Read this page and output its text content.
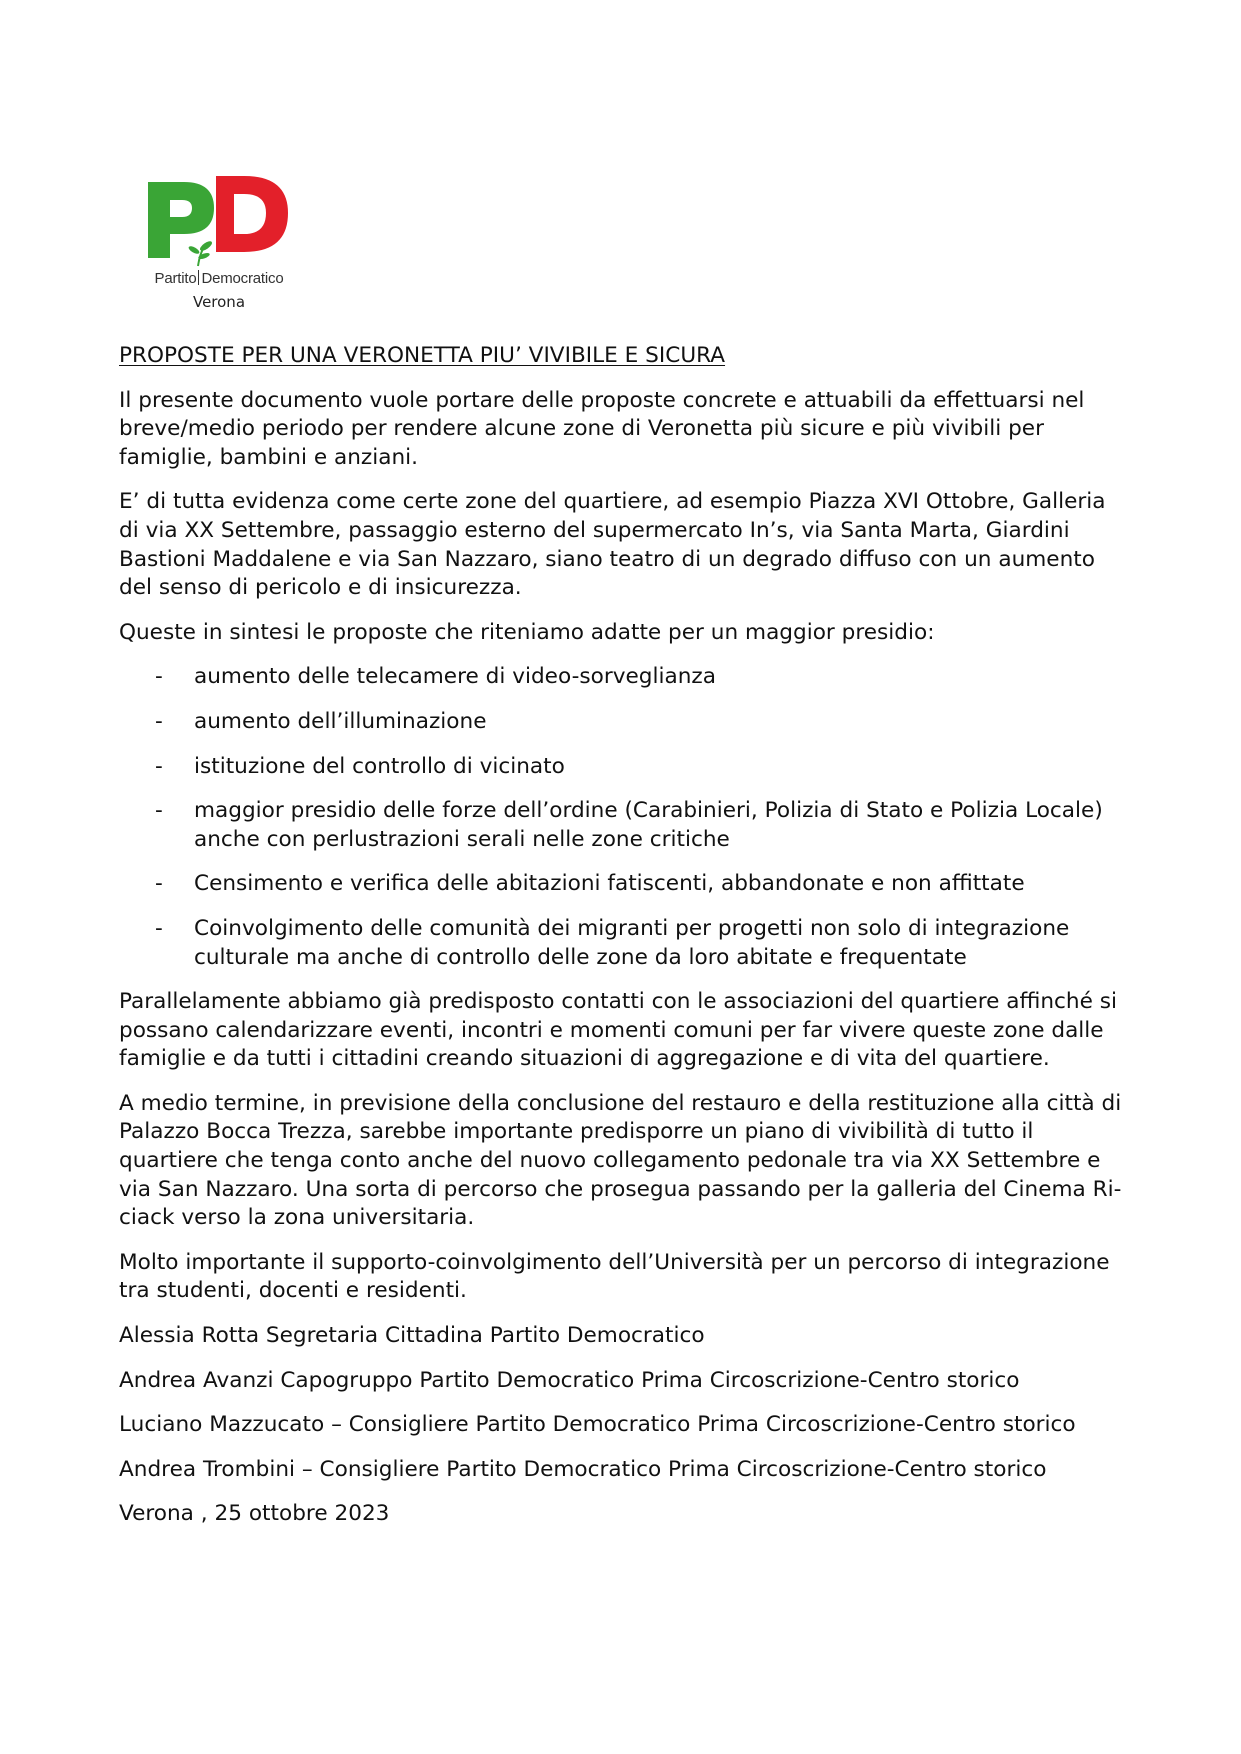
Partito Democratico
Verona
PROPOSTE PER UNA VERONETTA PIU’ VIVIBILE E SICURA

Il presente documento vuole portare delle proposte concrete e attuabili da effettuarsi nel breve/medio periodo per rendere alcune zone di Veronetta più sicure e più vivibili per famiglie, bambini e anziani.

E’ di tutta evidenza come certe zone del quartiere, ad esempio Piazza XVI Ottobre, Galleria di via XX Settembre, passaggio esterno del supermercato In’s, via Santa Marta, Giardini Bastioni Maddalene e via San Nazzaro, siano teatro di un degrado diffuso con un aumento del senso di pericolo e di insicurezza.

Queste in sintesi le proposte che riteniamo adatte per un maggior presidio:

- aumento delle telecamere di video-sorveglianza
- aumento dell’illuminazione
- istituzione del controllo di vicinato
- maggior presidio delle forze dell’ordine (Carabinieri, Polizia di Stato e Polizia Locale) anche con perlustrazioni serali nelle zone critiche
- Censimento e verifica delle abitazioni fatiscenti, abbandonate e non affittate
- Coinvolgimento delle comunità dei migranti per progetti non solo di integrazione culturale ma anche di controllo delle zone da loro abitate e frequentate

Parallelamente abbiamo già predisposto contatti con le associazioni del quartiere affinché si possano calendarizzare eventi, incontri e momenti comuni per far vivere queste zone dalle famiglie e da tutti i cittadini creando situazioni di aggregazione e di vita del quartiere.

A medio termine, in previsione della conclusione del restauro e della restituzione alla città di Palazzo Bocca Trezza, sarebbe importante predisporre un piano di vivibilità di tutto il quartiere che tenga conto anche del nuovo collegamento pedonale tra via XX Settembre e via San Nazzaro. Una sorta di percorso che prosegua passando per la galleria del Cinema Ri-ciack verso la zona universitaria.

Molto importante il supporto-coinvolgimento dell’Università per un percorso di integrazione tra studenti, docenti e residenti.

Alessia Rotta Segretaria Cittadina Partito Democratico

Andrea Avanzi Capogruppo Partito Democratico Prima Circoscrizione-Centro storico

Luciano Mazzucato – Consigliere Partito Democratico Prima Circoscrizione-Centro storico

Andrea Trombini – Consigliere Partito Democratico Prima Circoscrizione-Centro storico

Verona , 25 ottobre 2023
